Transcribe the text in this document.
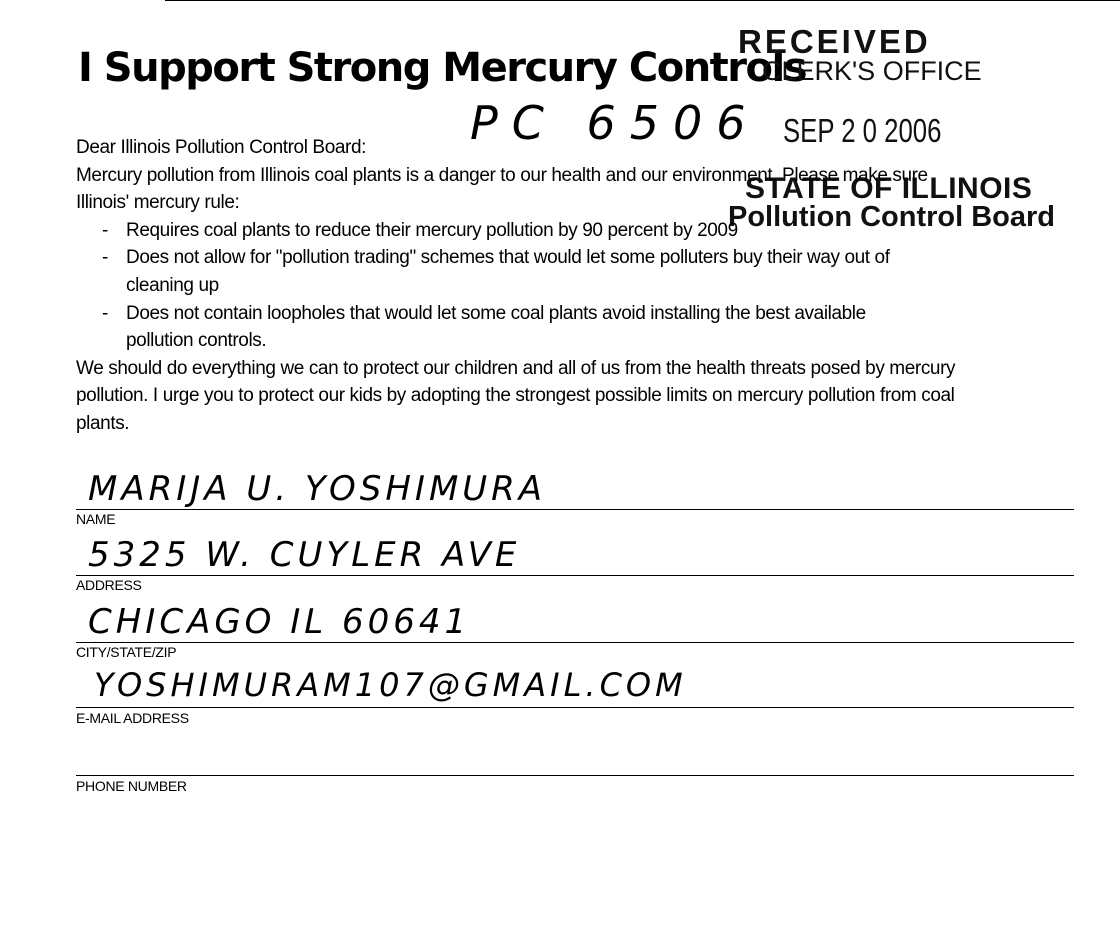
I Support Strong Mercury Controls
RECEIVED
CLERK'S OFFICE
SEP 2 0 2006
STATE OF ILLINOIS
Pollution Control Board
PC 6506

Dear Illinois Pollution Control Board:

Mercury pollution from Illinois coal plants is a danger to our health and our environment. Please make sure

Illinois' mercury rule:

- Requires coal plants to reduce their mercury pollution by 90 percent by 2009
- Does not allow for "pollution trading" schemes that would let some polluters buy their way out of
cleaning up
- Does not contain loopholes that would let some coal plants avoid installing the best available
pollution controls.

We should do everything we can to protect our children and all of us from the health threats posed by mercury

pollution. I urge you to protect our kids by adopting the strongest possible limits on mercury pollution from coal

plants.

MARIJA U. YOSHIMURA
NAME
5325 W. CUYLER AVE
ADDRESS
CHICAGO IL 60641
CITY/STATE/ZIP
YOSHIMURAM107@GMAIL.COM
E-MAIL ADDRESS
PHONE NUMBER
